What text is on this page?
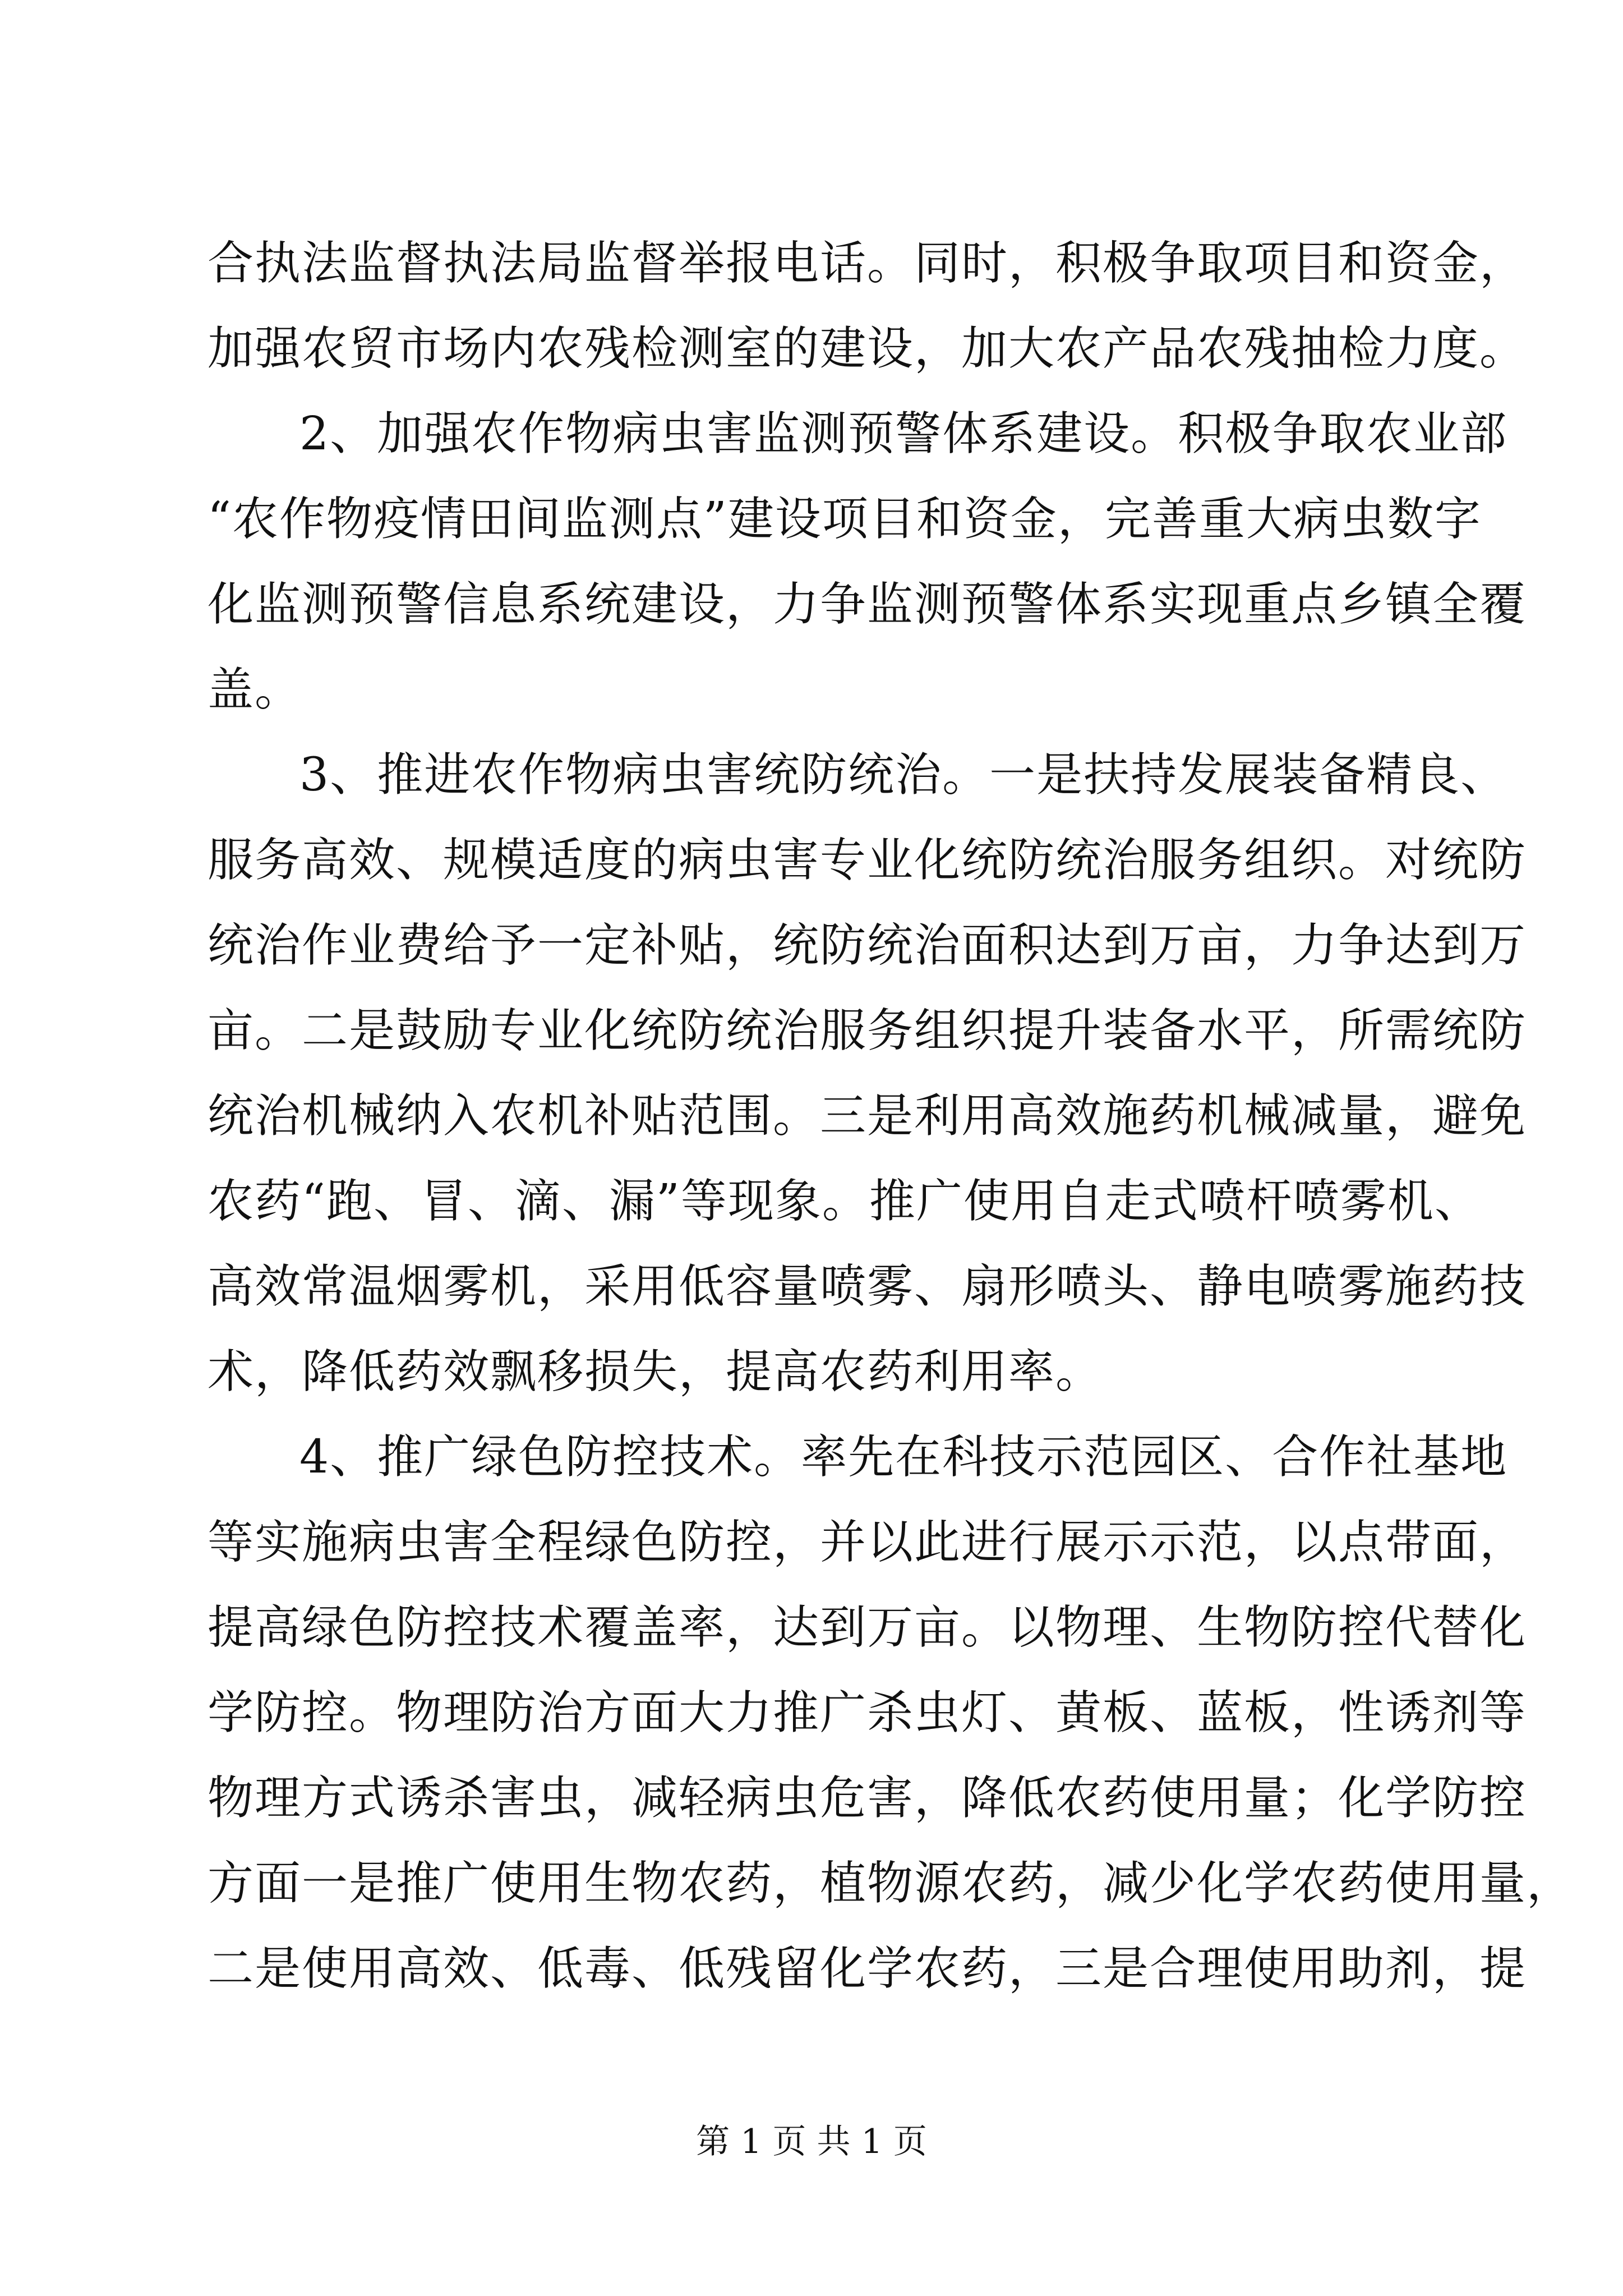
合执法监督执法局监督举报电话。同时，积极争取项目和资金，
加强农贸市场内农残检测室的建设，加大农产品农残抽检力度。
2、加强农作物病虫害监测预警体系建设。积极争取农业部
“农作物疫情田间监测点”建设项目和资金，完善重大病虫数字
化监测预警信息系统建设，力争监测预警体系实现重点乡镇全覆
盖。
3、推进农作物病虫害统防统治。一是扶持发展装备精良、
服务高效、规模适度的病虫害专业化统防统治服务组织。对统防
统治作业费给予一定补贴，统防统治面积达到万亩，力争达到万
亩。二是鼓励专业化统防统治服务组织提升装备水平，所需统防
统治机械纳入农机补贴范围。三是利用高效施药机械减量，避免
农药“跑、冒、滴、漏”等现象。推广使用自走式喷杆喷雾机、
高效常温烟雾机，采用低容量喷雾、扇形喷头、静电喷雾施药技
术，降低药效飘移损失，提高农药利用率。
4、推广绿色防控技术。率先在科技示范园区、合作社基地
等实施病虫害全程绿色防控，并以此进行展示示范，以点带面，
提高绿色防控技术覆盖率，达到万亩。以物理、生物防控代替化
学防控。物理防治方面大力推广杀虫灯、黄板、蓝板，性诱剂等
物理方式诱杀害虫，减轻病虫危害，降低农药使用量；化学防控
方面一是推广使用生物农药，植物源农药，减少化学农药使用量，
二是使用高效、低毒、低残留化学农药，三是合理使用助剂，提
第 1 页 共 1 页
